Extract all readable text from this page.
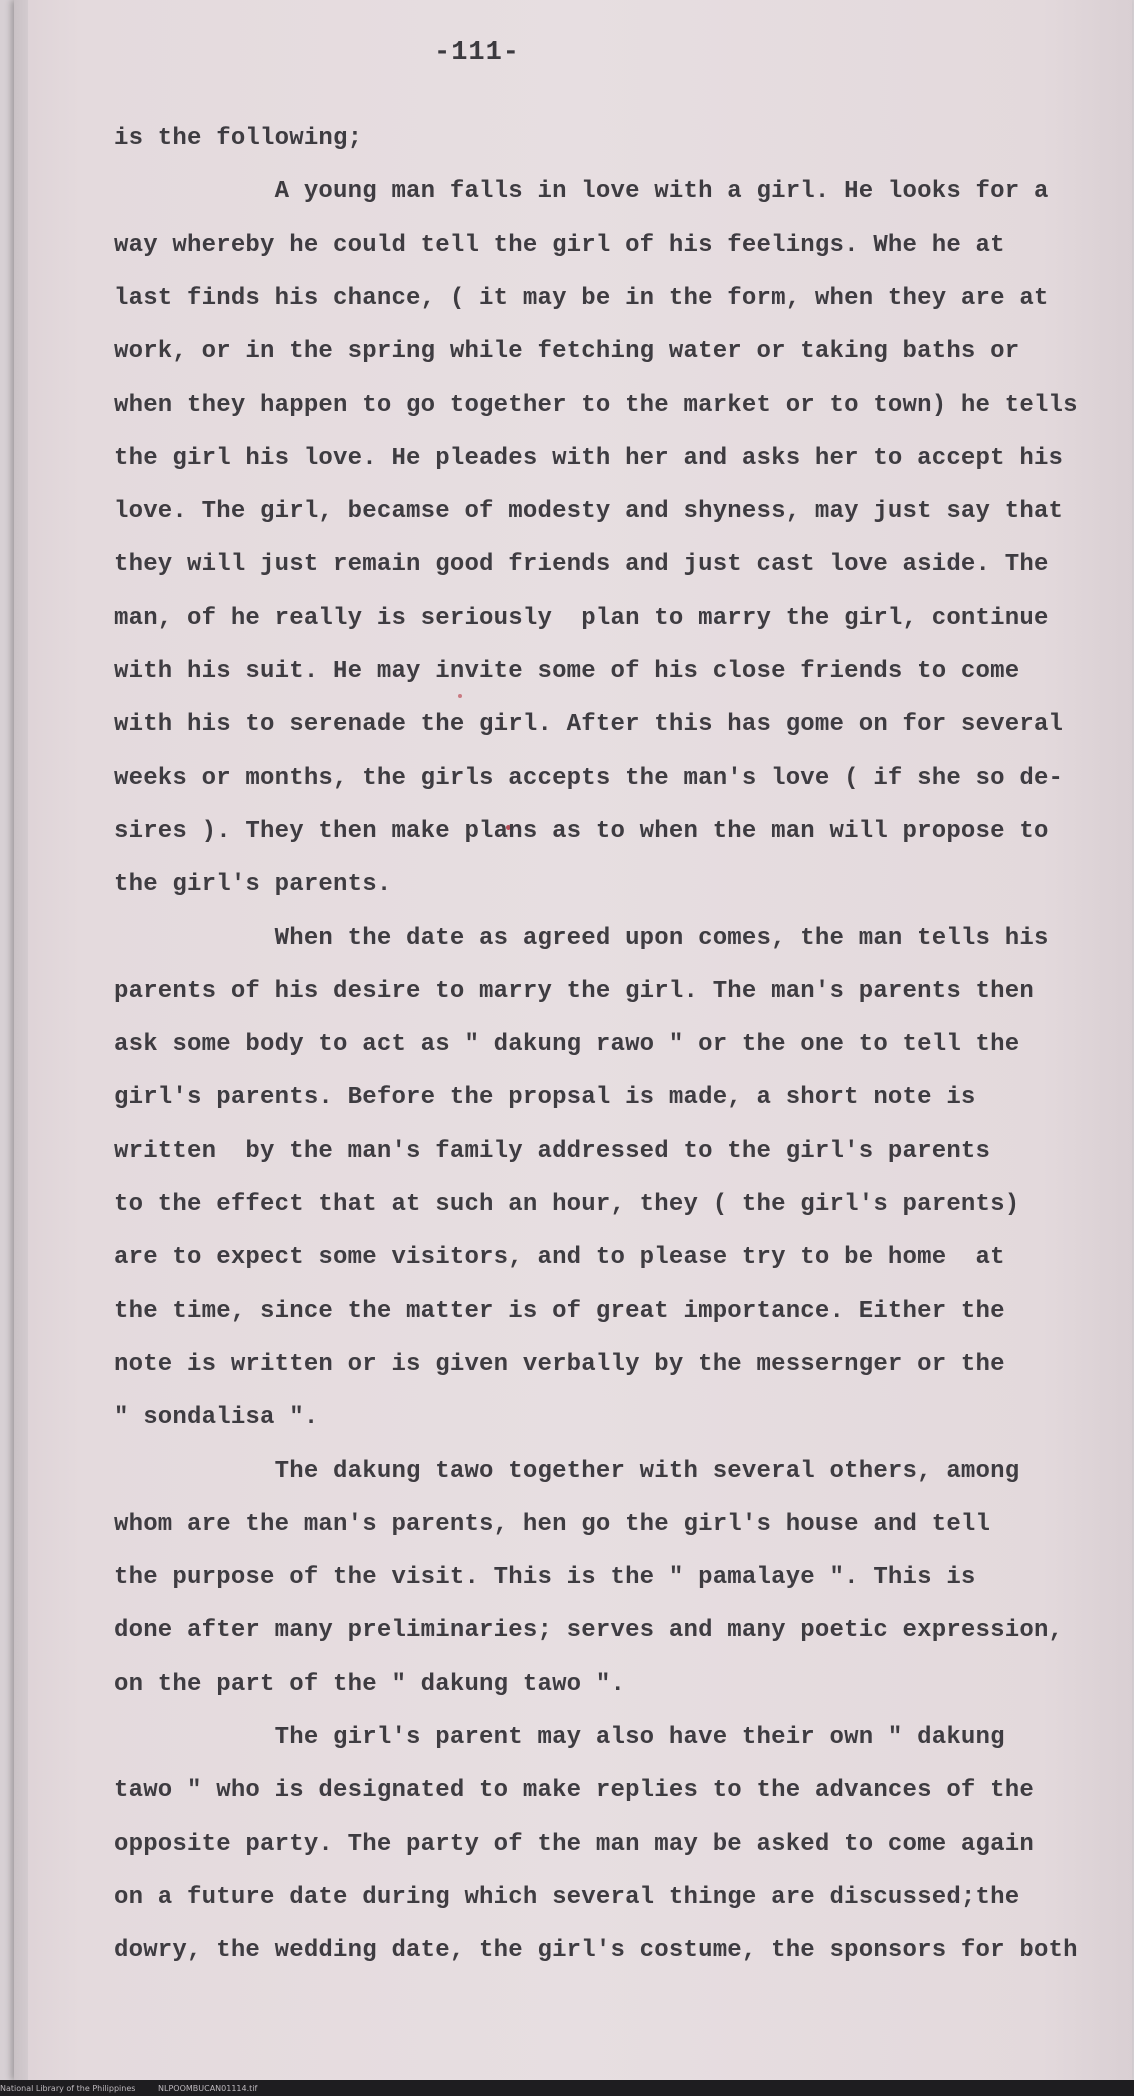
-111-
is the following;
A young man falls in love with a girl. He looks for a
way whereby he could tell the girl of his feelings. Whe he at
last finds his chance, ( it may be in the form, when they are at
work, or in the spring while fetching water or taking baths or
when they happen to go together to the market or to town) he tells
the girl his love. He pleades with her and asks her to accept his
love. The girl, becamse of modesty and shyness, may just say that
they will just remain good friends and just cast love aside. The
man, of he really is seriously  plan to marry the girl, continue
with his suit. He may invite some of his close friends to come
with his to serenade the girl. After this has gome on for several
weeks or months, the girls accepts the man's love ( if she so de-
sires ). They then make plans as to when the man will propose to
the girl's parents.
When the date as agreed upon comes, the man tells his
parents of his desire to marry the girl. The man's parents then
ask some body to act as " dakung rawo " or the one to tell the
girl's parents. Before the propsal is made, a short note is
written  by the man's family addressed to the girl's parents
to the effect that at such an hour, they ( the girl's parents)
are to expect some visitors, and to please try to be home  at
the time, since the matter is of great importance. Either the
note is written or is given verbally by the messernger or the
" sondalisa ".
The dakung tawo together with several others, among
whom are the man's parents, hen go the girl's house and tell
the purpose of the visit. This is the " pamalaye ". This is
done after many preliminaries; serves and many poetic expression,
on the part of the " dakung tawo ".
The girl's parent may also have their own " dakung
tawo " who is designated to make replies to the advances of the
opposite party. The party of the man may be asked to come again
on a future date during which several thinge are discussed;the
dowry, the wedding date, the girl's costume, the sponsors for both
National Library of the Philippines	NLPOOMBUCAN01114.tif
